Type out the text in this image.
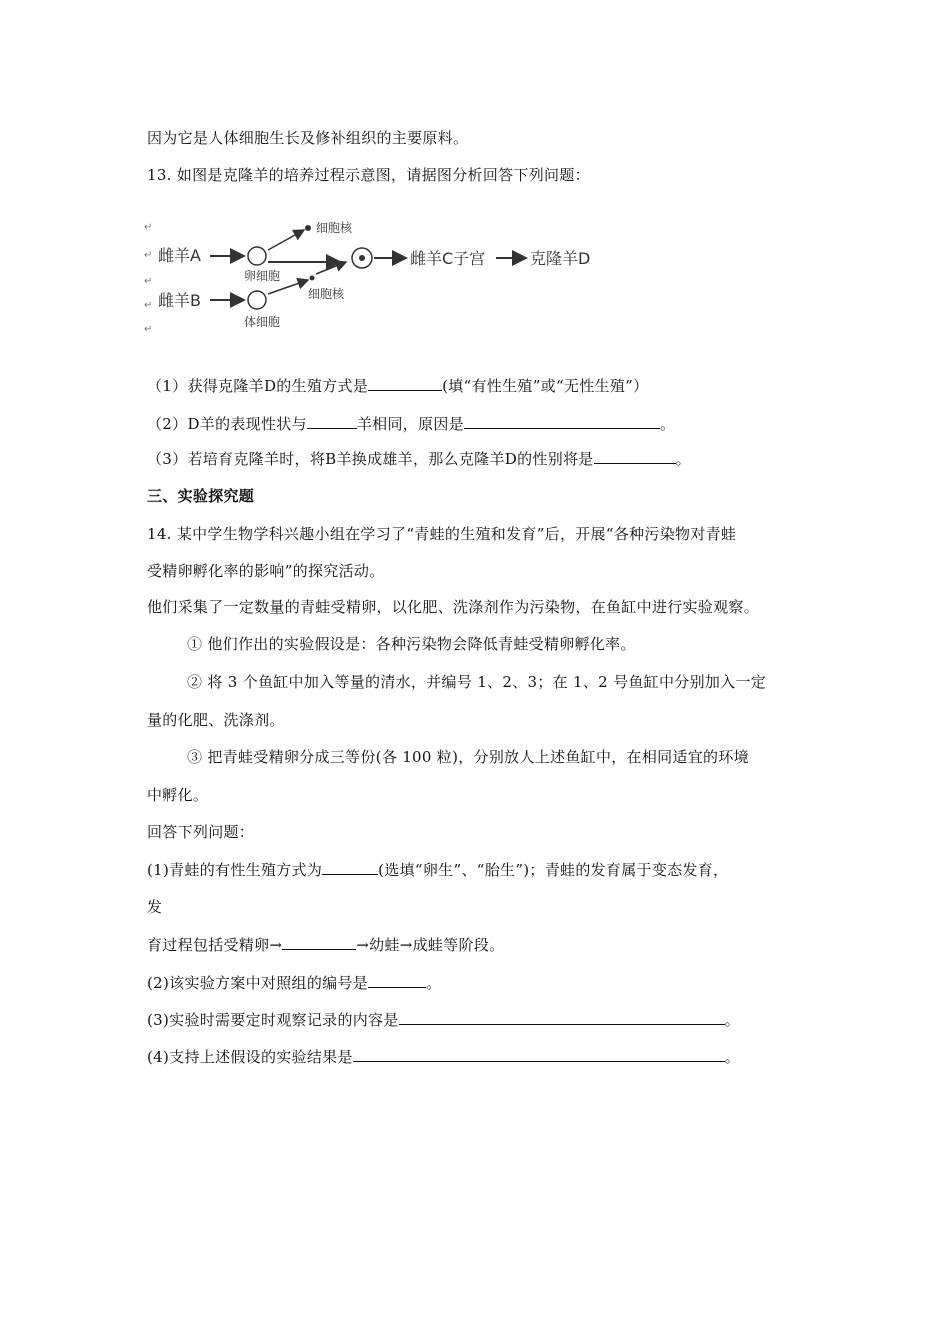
因为它是人体细胞生长及修补组织的主要原料。
13. 如图是克隆羊的培养过程示意图，请据图分析回答下列问题：
↵
↵
↵
↵
↵
雌羊A
卵细胞
细胞核
雌羊B
体细胞
细胞核
雌羊C子宫	克隆羊D
（1）获得克隆羊D的生殖方式是	(填“有性生殖”或“无性生殖”）
（2）D羊的表现性状与	羊相同，原因是	。
（3）若培育克隆羊时，将B羊换成雄羊，那么克隆羊D的性别将是	。
三、实验探究题
14. 某中学生物学科兴趣小组在学习了“青蛙的生殖和发育”后，开展“各种污染物对青蛙
受精卵孵化率的影响”的探究活动。
他们采集了一定数量的青蛙受精卵，以化肥、洗涤剂作为污染物，在鱼缸中进行实验观察。
① 他们作出的实验假设是：各种污染物会降低青蛙受精卵孵化率。
② 将 3 个鱼缸中加入等量的清水，并编号 1、2、3；在 1、2 号鱼缸中分别加入一定
量的化肥、洗涤剂。
③ 把青蛙受精卵分成三等份(各 100 粒)，分别放人上述鱼缸中，在相同适宜的环境
中孵化。
回答下列问题：
(1)青蛙的有性生殖方式为	(选填“卵生”、“胎生”)；青蛙的发育属于变态发育，
发
育过程包括受精卵→	→幼蛙→成蛙等阶段。
(2)该实验方案中对照组的编号是	。
(3)实验时需要定时观察记录的内容是	。
(4)支持上述假设的实验结果是	。
